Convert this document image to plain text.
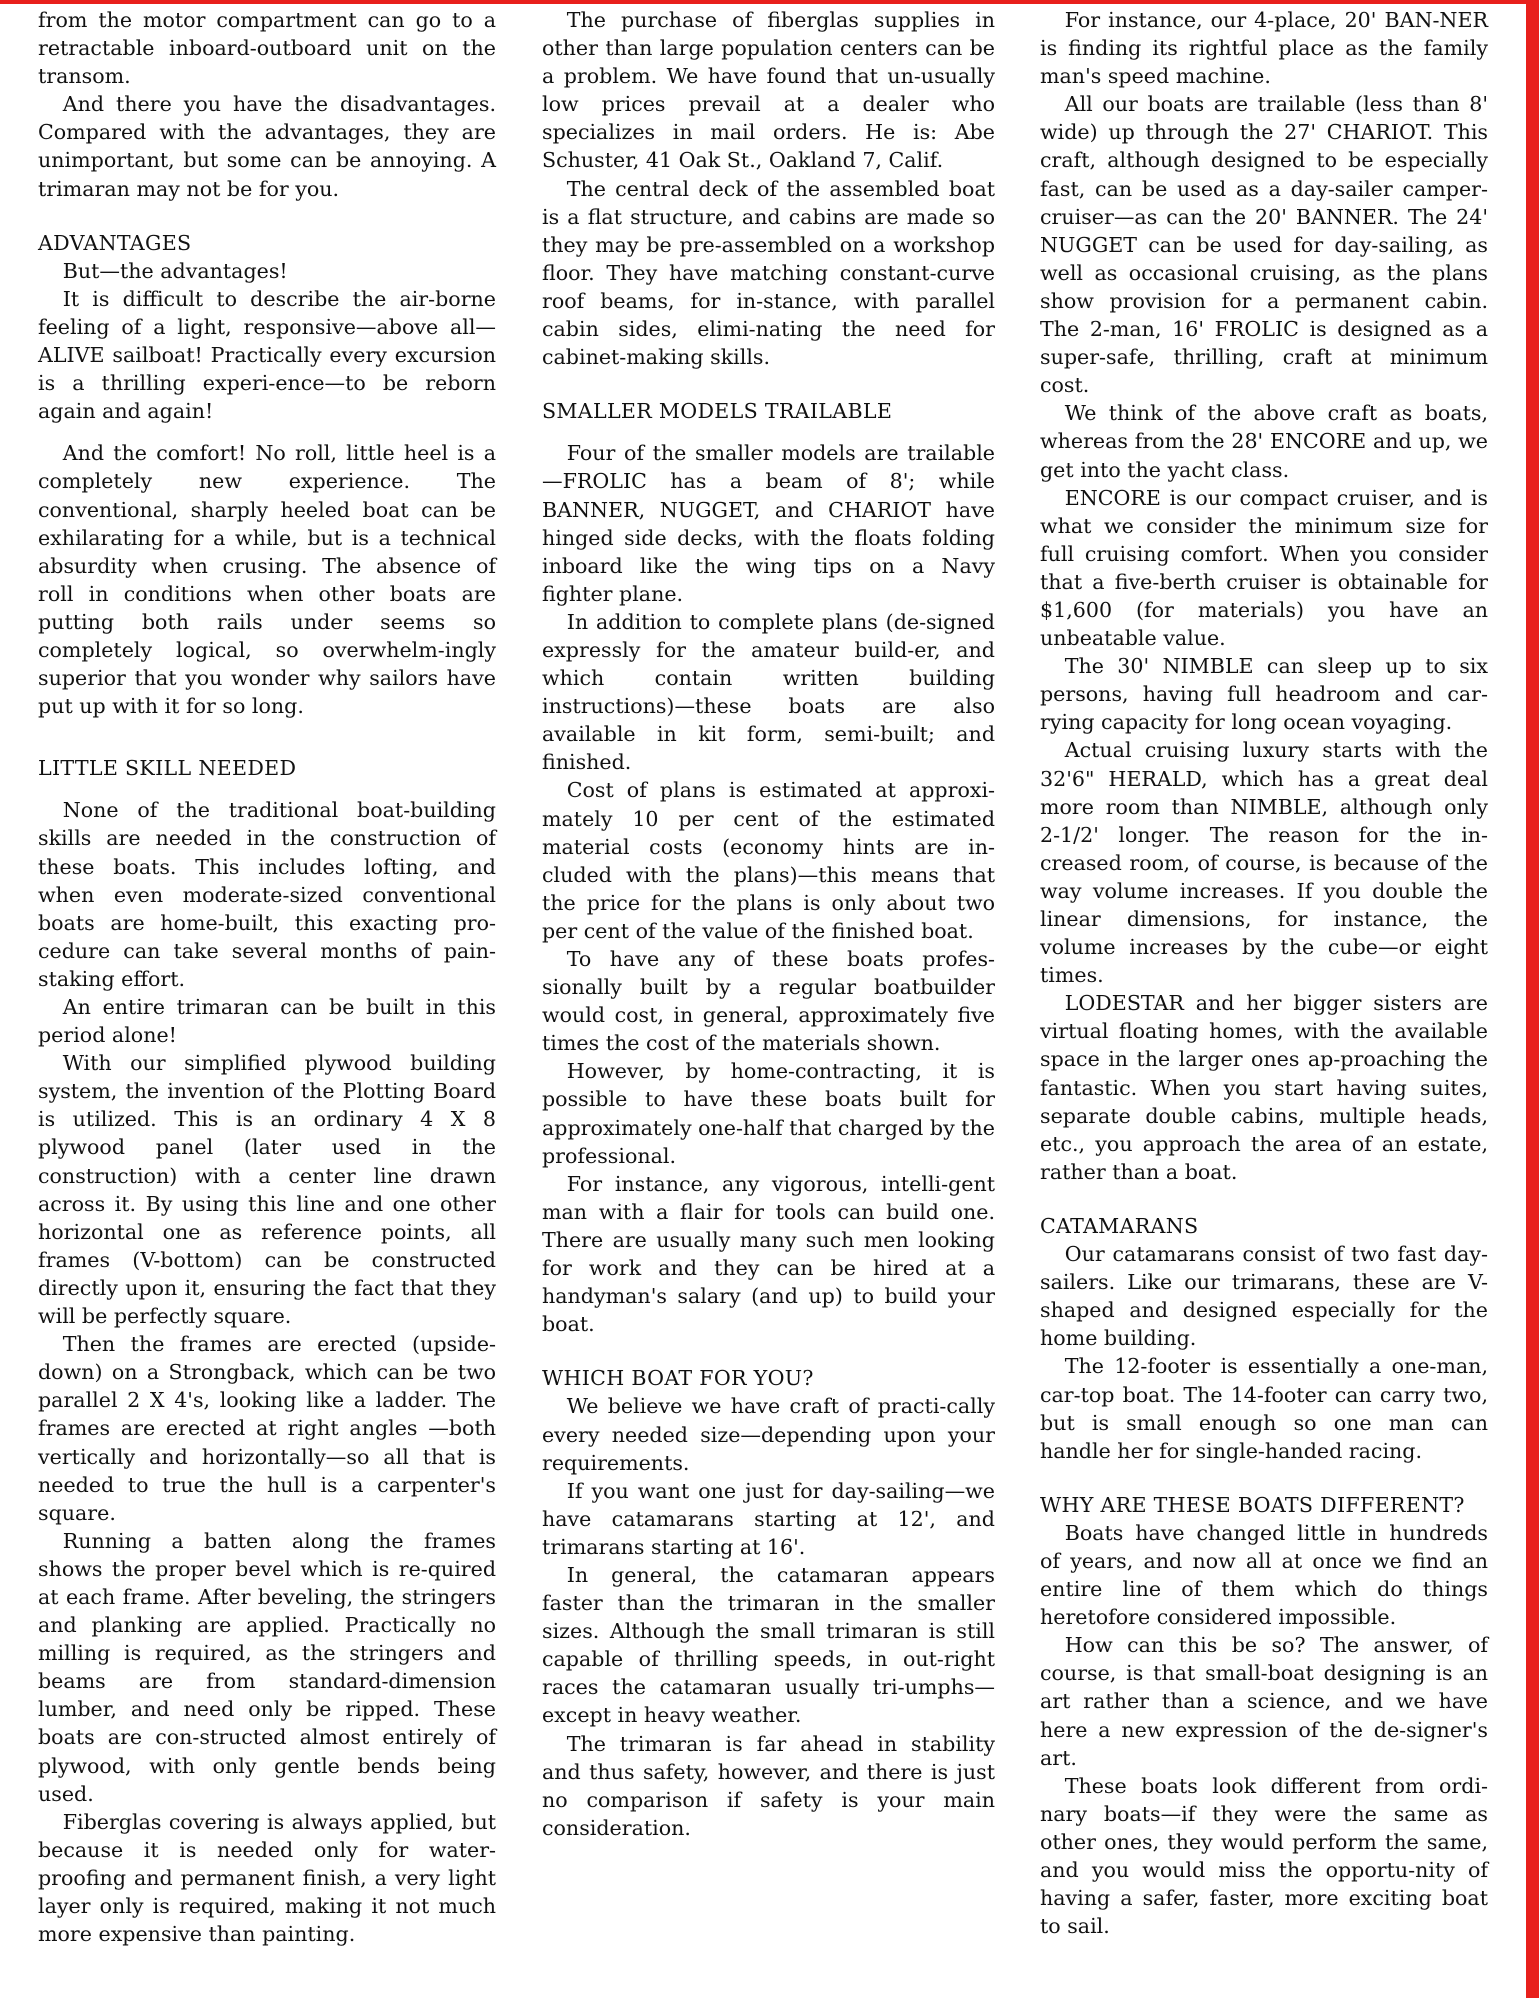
from the motor compartment can go to a retractable inboard-outboard unit on the transom.

And there you have the disadvantages. Compared with the advantages, they are unimportant, but some can be annoying. A trimaran may not be for you.

ADVANTAGES

But—the advantages!

It is difficult to describe the air-borne feeling of a light, responsive—above all—ALIVE sailboat! Practically every excursion is a thrilling experi-ence—to be reborn again and again!

And the comfort! No roll, little heel is a completely new experience. The conventional, sharply heeled boat can be exhilarating for a while, but is a technical absurdity when crusing. The absence of roll in conditions when other boats are putting both rails under seems so completely logical, so overwhelm-ingly superior that you wonder why sailors have put up with it for so long.

LITTLE SKILL NEEDED

None of the traditional boat-building skills are needed in the construction of these boats. This includes lofting, and when even moderate-sized conventional boats are home-built, this exacting pro-cedure can take several months of pain-staking effort.

An entire trimaran can be built in this period alone!

With our simplified plywood building system, the invention of the Plotting Board is utilized. This is an ordinary 4 X 8 plywood panel (later used in the construction) with a center line drawn across it. By using this line and one other horizontal one as reference points, all frames (V-bottom) can be constructed directly upon it, ensuring the fact that they will be perfectly square.

Then the frames are erected (upside-down) on a Strongback, which can be two parallel 2 X 4's, looking like a ladder. The frames are erected at right angles —both vertically and horizontally—so all that is needed to true the hull is a carpenter's square.

Running a batten along the frames shows the proper bevel which is re-quired at each frame. After beveling, the stringers and planking are applied. Practically no milling is required, as the stringers and beams are from standard-dimension lumber, and need only be ripped. These boats are con-structed almost entirely of plywood, with only gentle bends being used.

Fiberglas covering is always applied, but because it is needed only for water-proofing and permanent finish, a very light layer only is required, making it not much more expensive than painting.

The purchase of fiberglas supplies in other than large population centers can be a problem. We have found that un-usually low prices prevail at a dealer who specializes in mail orders. He is: Abe Schuster, 41 Oak St., Oakland 7, Calif.

The central deck of the assembled boat is a flat structure, and cabins are made so they may be pre-assembled on a workshop floor. They have matching constant-curve roof beams, for in-stance, with parallel cabin sides, elimi-nating the need for cabinet-making skills.

SMALLER MODELS TRAILABLE

Four of the smaller models are trailable—FROLIC has a beam of 8'; while BANNER, NUGGET, and CHARIOT have hinged side decks, with the floats folding inboard like the wing tips on a Navy fighter plane.

In addition to complete plans (de-signed expressly for the amateur build-er, and which contain written building instructions)—these boats are also available in kit form, semi-built; and finished.

Cost of plans is estimated at approxi-mately 10 per cent of the estimated material costs (economy hints are in-cluded with the plans)—this means that the price for the plans is only about two per cent of the value of the finished boat.

To have any of these boats profes-sionally built by a regular boatbuilder would cost, in general, approximately five times the cost of the materials shown.

However, by home-contracting, it is possible to have these boats built for approximately one-half that charged by the professional.

For instance, any vigorous, intelli-gent man with a flair for tools can build one. There are usually many such men looking for work and they can be hired at a handyman's salary (and up) to build your boat.

WHICH BOAT FOR YOU?

We believe we have craft of practi-cally every needed size—depending upon your requirements.

If you want one just for day-sailing—we have catamarans starting at 12', and trimarans starting at 16'.

In general, the catamaran appears faster than the trimaran in the smaller sizes. Although the small trimaran is still capable of thrilling speeds, in out-right races the catamaran usually tri-umphs—except in heavy weather.

The trimaran is far ahead in stability and thus safety, however, and there is just no comparison if safety is your main consideration.

For instance, our 4-place, 20' BAN-NER is finding its rightful place as the family man's speed machine.

All our boats are trailable (less than 8' wide) up through the 27' CHARIOT. This craft, although designed to be especially fast, can be used as a day-sailer camper-cruiser—as can the 20' BANNER. The 24' NUGGET can be used for day-sailing, as well as occasional cruising, as the plans show provision for a permanent cabin. The 2-man, 16' FROLIC is designed as a super-safe, thrilling, craft at minimum cost.

We think of the above craft as boats, whereas from the 28' ENCORE and up, we get into the yacht class.

ENCORE is our compact cruiser, and is what we consider the minimum size for full cruising comfort. When you consider that a five-berth cruiser is obtainable for $1,600 (for materials) you have an unbeatable value.

The 30' NIMBLE can sleep up to six persons, having full headroom and car-rying capacity for long ocean voyaging.

Actual cruising luxury starts with the 32'6" HERALD, which has a great deal more room than NIMBLE, although only 2-1/2' longer. The reason for the in-creased room, of course, is because of the way volume increases. If you double the linear dimensions, for instance, the volume increases by the cube—or eight times.

LODESTAR and her bigger sisters are virtual floating homes, with the available space in the larger ones ap-proaching the fantastic. When you start having suites, separate double cabins, multiple heads, etc., you approach the area of an estate, rather than a boat.

CATAMARANS

Our catamarans consist of two fast day-sailers. Like our trimarans, these are V-shaped and designed especially for the home building.

The 12-footer is essentially a one-man, car-top boat. The 14-footer can carry two, but is small enough so one man can handle her for single-handed racing.

WHY ARE THESE BOATS DIFFERENT?

Boats have changed little in hundreds of years, and now all at once we find an entire line of them which do things heretofore considered impossible.

How can this be so? The answer, of course, is that small-boat designing is an art rather than a science, and we have here a new expression of the de-signer's art.

These boats look different from ordi-nary boats—if they were the same as other ones, they would perform the same, and you would miss the opportu-nity of having a safer, faster, more exciting boat to sail.
